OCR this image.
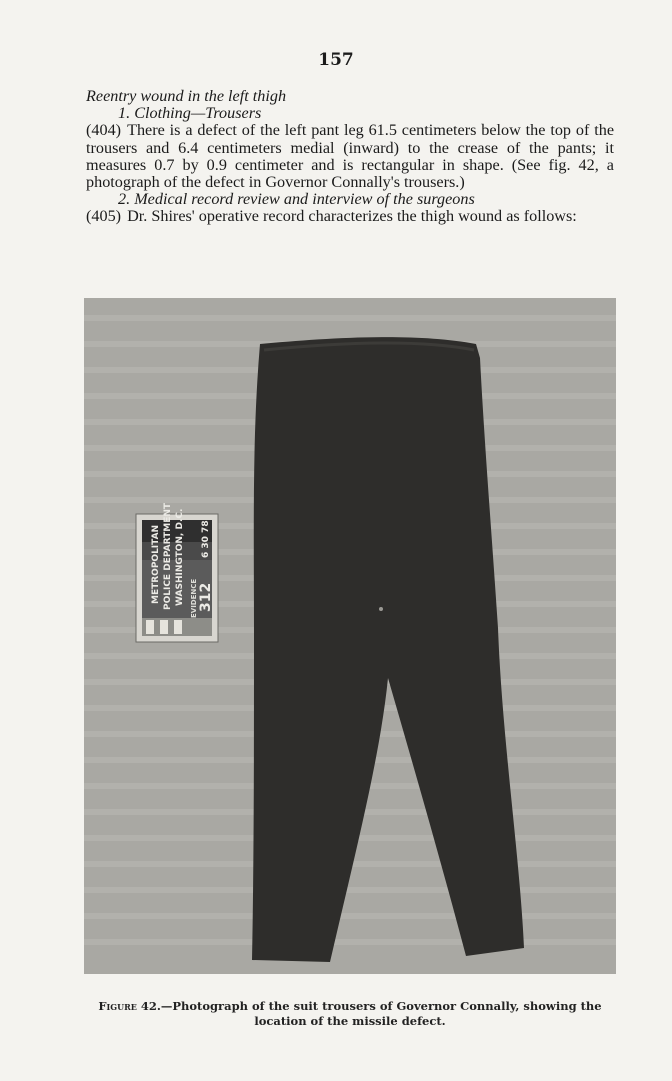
157

Reentry wound in the left thigh

1. Clothing—Trousers

(404) There is a defect of the left pant leg 61.5 centimeters below the top of the trousers and 6.4 centimeters medial (inward) to the crease of the pants; it measures 0.7 by 0.9 centimeter and is rectangular in shape. (See fig. 42, a photograph of the defect in Governor Connally's trousers.)

2. Medical record review and interview of the surgeons

(405) Dr. Shires' operative record characterizes the thigh wound as follows:

METROPOLITAN POLICE DEPARTMENT WASHINGTON, D.C. 312
6 30 78
EVIDENCE
Figure 42.—Photograph of the suit trousers of Governor Connally, showing the location of the missile defect.
